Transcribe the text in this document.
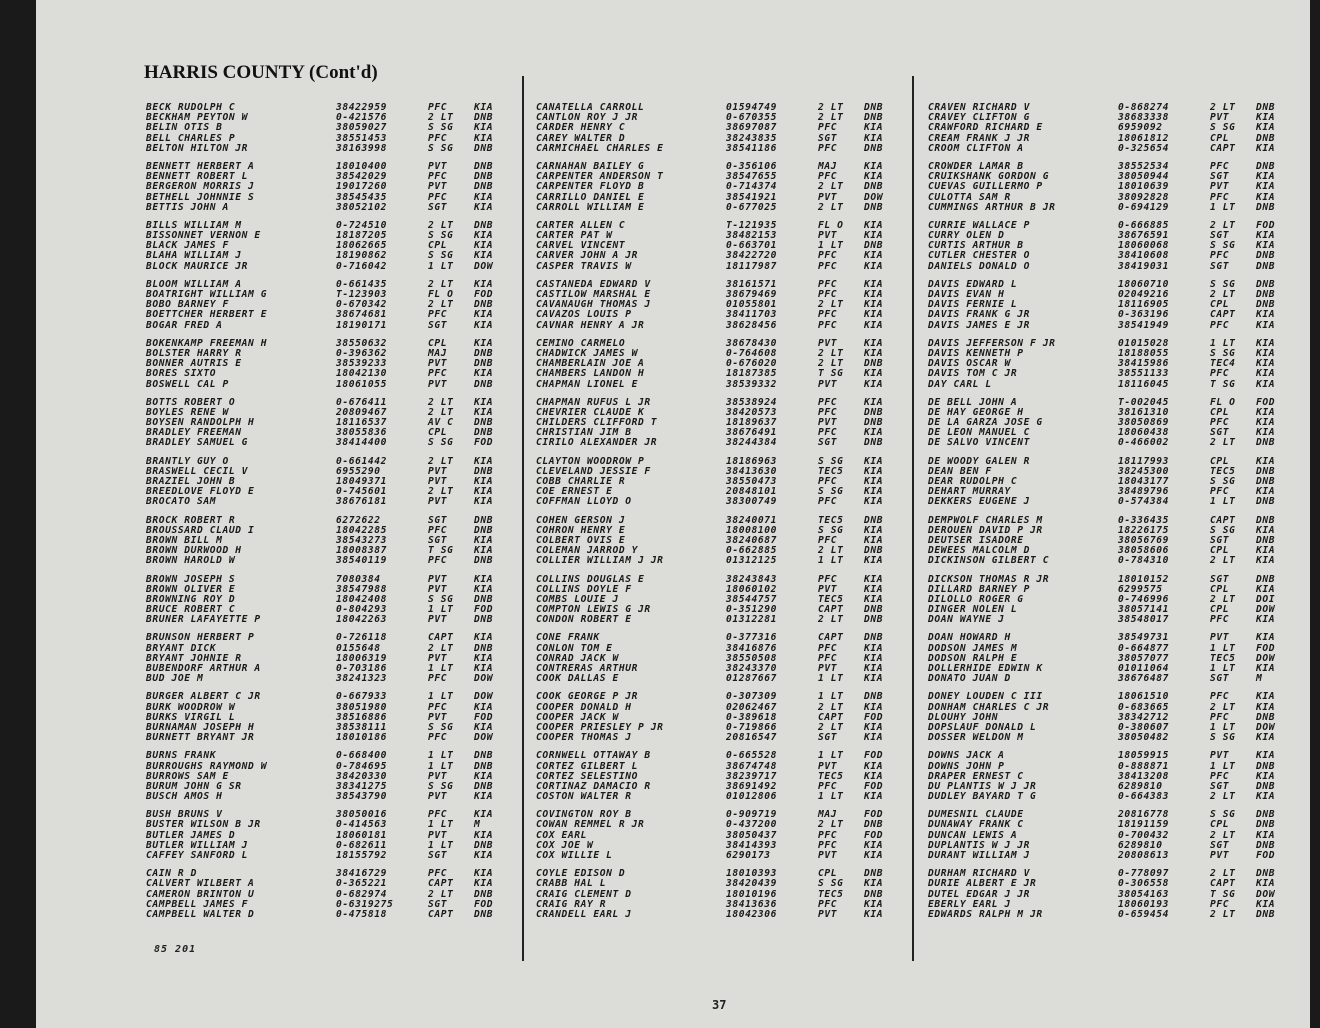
HARRIS COUNTY (Cont'd)
BECK RUDOLPH C	38422959	PFC	KIA
BECKHAM PEYTON W	0-421576	2 LT	DNB
BELIN OTIS B	38059027	S SG	KIA
BELL CHARLES P	38551453	PFC	KIA
BELTON HILTON JR	38163998	S SG	DNB
BENNETT HERBERT A	18010400	PVT	DNB
BENNETT ROBERT L	38542029	PFC	DNB
BERGERON MORRIS J	19017260	PVT	DNB
BETHELL JOHNNIE S	38545435	PFC	KIA
BETTIS JOHN A	38052102	SGT	KIA
BILLS WILLIAM M	0-724510	2 LT	DNB
BISSONNET VERNON E	18187205	S SG	KIA
BLACK JAMES F	18062665	CPL	KIA
BLAHA WILLIAM J	18190862	S SG	KIA
BLOCK MAURICE JR	0-716042	1 LT	DOW
BLOOM WILLIAM A	0-661435	2 LT	KIA
BOATRIGHT WILLIAM G	T-123903	FL O	FOD
BOBO BARNEY F	0-670342	2 LT	DNB
BOETTCHER HERBERT E	38674681	PFC	KIA
BOGAR FRED A	18190171	SGT	KIA
BOKENKAMP FREEMAN H	38550632	CPL	KIA
BOLSTER HARRY R	0-396362	MAJ	DNB
BONNER AUTRIS E	38539233	PVT	DNB
BORES SIXTO	18042130	PFC	KIA
BOSWELL CAL P	18061055	PVT	DNB
BOTTS ROBERT O	0-676411	2 LT	KIA
BOYLES RENE W	20809467	2 LT	KIA
BOYSEN RANDOLPH H	18116537	AV C	DNB
BRADLEY FREEMAN	38055836	CPL	DNB
BRADLEY SAMUEL G	38414400	S SG	FOD
BRANTLY GUY O	0-661442	2 LT	KIA
BRASWELL CECIL V	6955290	PVT	DNB
BRAZIEL JOHN B	18049371	PVT	KIA
BREEDLOVE FLOYD E	0-745601	2 LT	KIA
BROCATO SAM	38676181	PVT	KIA
BROCK ROBERT R	6272622	SGT	DNB
BROUSSARD CLAUD I	18042285	PFC	DNB
BROWN BILL M	38543273	SGT	KIA
BROWN DURWOOD H	18008387	T SG	KIA
BROWN HAROLD W	38540119	PFC	DNB
BROWN JOSEPH S	7080384	PVT	KIA
BROWN OLIVER E	38547988	PVT	KIA
BROWNING ROY D	18042408	S SG	DNB
BRUCE ROBERT C	0-804293	1 LT	FOD
BRUNER LAFAYETTE P	18042263	PVT	DNB
BRUNSON HERBERT P	0-726118	CAPT	KIA
BRYANT DICK	0155648	2 LT	DNB
BRYANT JOHNIE R	18006319	PVT	KIA
BUBENDORF ARTHUR A	0-703186	1 LT	KIA
BUD JOE M	38241323	PFC	DOW
BURGER ALBERT C JR	0-667933	1 LT	DOW
BURK WOODROW W	38051980	PFC	KIA
BURKS VIRGIL L	38516886	PVT	FOD
BURNAMAN JOSEPH H	38538111	S SG	KIA
BURNETT BRYANT JR	18010186	PFC	DOW
BURNS FRANK	0-668400	1 LT	DNB
BURROUGHS RAYMOND W	0-784695	1 LT	DNB
BURROWS SAM E	38420330	PVT	KIA
BURUM JOHN G SR	38341275	S SG	DNB
BUSCH AMOS H	38543790	PVT	KIA
BUSH BRUNS V	38050016	PFC	KIA
BUSTER WILSON B JR	0-414563	1 LT	M
BUTLER JAMES D	18060181	PVT	KIA
BUTLER WILLIAM J	0-682611	1 LT	DNB
CAFFEY SANFORD L	18155792	SGT	KIA
CAIN R D	38416729	PFC	KIA
CALVERT WILBERT A	0-365221	CAPT	KIA
CAMERON BRINTON U	0-682974	2 LT	DNB
CAMPBELL JAMES F	0-6319275	SGT	FOD
CAMPBELL WALTER D	0-475818	CAPT	DNB
CANATELLA CARROLL	01594749	2 LT	DNB
CANTLON ROY J JR	0-670355	2 LT	DNB
CARDER HENRY C	38697087	PFC	KIA
CAREY WALTER D	38243835	SGT	KIA
CARMICHAEL CHARLES E	38541186	PFC	DNB
CARNAHAN BAILEY G	0-356106	MAJ	KIA
CARPENTER ANDERSON T	38547655	PFC	KIA
CARPENTER FLOYD B	0-714374	2 LT	DNB
CARRILLO DANIEL E	38541921	PVT	DOW
CARROLL WILLIAM E	0-677025	2 LT	DNB
CARTER ALLEN C	T-121935	FL O	KIA
CARTER PAT W	38482153	PVT	KIA
CARVEL VINCENT	0-663701	1 LT	DNB
CARVER JOHN A JR	38422720	PFC	KIA
CASPER TRAVIS W	18117987	PFC	KIA
CASTANEDA EDWARD V	38161571	PFC	KIA
CASTILOW MARSHAL E	38679469	PFC	KIA
CAVANAUGH THOMAS J	01055801	2 LT	KIA
CAVAZOS LOUIS P	38411703	PFC	KIA
CAVNAR HENRY A JR	38628456	PFC	KIA
CEMINO CARMELO	38678430	PVT	KIA
CHADWICK JAMES W	0-764608	2 LT	KIA
CHAMBERLAIN JOE A	0-676020	2 LT	DNB
CHAMBERS LANDON H	18187385	T SG	KIA
CHAPMAN LIONEL E	38539332	PVT	KIA
CHAPMAN RUFUS L JR	38538924	PFC	KIA
CHEVRIER CLAUDE K	38420573	PFC	DNB
CHILDERS CLIFFORD T	18189637	PVT	DNB
CHRISTIAN JIM B	38676491	PFC	KIA
CIRILO ALEXANDER JR	38244384	SGT	DNB
CLAYTON WOODROW P	18186963	S SG	KIA
CLEVELAND JESSIE F	38413630	TEC5	KIA
COBB CHARLIE R	38550473	PFC	KIA
COE ERNEST E	20848101	S SG	KIA
COFFMAN LLOYD O	38300749	PFC	KIA
COHEN GERSON J	38240071	TEC5	DNB
COHRON HENRY E	18008100	S SG	KIA
COLBERT OVIS E	38240687	PFC	KIA
COLEMAN JARROD Y	0-662885	2 LT	DNB
COLLIER WILLIAM J JR	01312125	1 LT	KIA
COLLINS DOUGLAS E	38243843	PFC	KIA
COLLINS DOYLE F	18060102	PVT	KIA
COMBS LOUIE J	38544757	TEC5	KIA
COMPTON LEWIS G JR	0-351290	CAPT	DNB
CONDON ROBERT E	01312281	2 LT	DNB
CONE FRANK	0-377316	CAPT	DNB
CONLON TOM E	38416876	PFC	KIA
CONRAD JACK W	38550508	PFC	KIA
CONTRERAS ARTHUR	38243370	PVT	KIA
COOK DALLAS E	01287667	1 LT	KIA
COOK GEORGE P JR	0-307309	1 LT	DNB
COOPER DONALD H	02062467	2 LT	KIA
COOPER JACK W	0-389618	CAPT	FOD
COOPER PRIESLEY P JR	0-719866	2 LT	KIA
COOPER THOMAS J	20816547	SGT	KIA
CORNWELL OTTAWAY B	0-665528	1 LT	FOD
CORTEZ GILBERT L	38674748	PVT	KIA
CORTEZ SELESTINO	38239717	TEC5	KIA
CORTINAZ DAMACIO R	38691492	PFC	FOD
COSTON WALTER R	01012806	1 LT	KIA
COVINGTON ROY B	0-909719	MAJ	FOD
COWAN REMMEL R JR	0-437200	2 LT	DNB
COX EARL	38050437	PFC	FOD
COX JOE W	38414393	PFC	KIA
COX WILLIE L	6290173	PVT	KIA
COYLE EDISON D	18010393	CPL	DNB
CRABB HAL L	38420439	S SG	KIA
CRAIG CLEMENT D	18010196	TEC5	DNB
CRAIG RAY R	38413636	PFC	KIA
CRANDELL EARL J	18042306	PVT	KIA
CRAVEN RICHARD V	0-868274	2 LT	DNB
CRAVEY CLIFTON G	38683338	PVT	KIA
CRAWFORD RICHARD E	6959092	S SG	KIA
CREAM FRANK J JR	18061812	CPL	DNB
CROOM CLIFTON A	0-325654	CAPT	KIA
CROWDER LAMAR B	38552534	PFC	DNB
CRUIKSHANK GORDON G	38050944	SGT	KIA
CUEVAS GUILLERMO P	18010639	PVT	KIA
CULOTTA SAM R	38092828	PFC	KIA
CUMMINGS ARTHUR B JR	0-694129	1 LT	DNB
CURRIE WALLACE P	0-666885	2 LT	FOD
CURRY OLEN D	38676591	SGT	KIA
CURTIS ARTHUR B	18060068	S SG	KIA
CUTLER CHESTER O	38410608	PFC	DNB
DANIELS DONALD O	38419031	SGT	DNB
DAVIS EDWARD L	18060710	S SG	DNB
DAVIS EVAN H	02049216	2 LT	DNB
DAVIS FERNIE L	18116905	CPL	DNB
DAVIS FRANK G JR	0-363196	CAPT	KIA
DAVIS JAMES E JR	38541949	PFC	KIA
DAVIS JEFFERSON F JR	01015028	1 LT	KIA
DAVIS KENNETH P	18188055	S SG	KIA
DAVIS OSCAR W	38415986	TEC4	KIA
DAVIS TOM C JR	38551133	PFC	KIA
DAY CARL L	18116045	T SG	KIA
DE BELL JOHN A	T-002045	FL O	FOD
DE HAY GEORGE H	38161310	CPL	KIA
DE LA GARZA JOSE G	38050869	PFC	KIA
DE LEON MANUEL C	18060438	SGT	KIA
DE SALVO VINCENT	0-466002	2 LT	DNB
DE WOODY GALEN R	18117993	CPL	KIA
DEAN BEN F	38245300	TEC5	DNB
DEAR RUDOLPH C	18043177	S SG	DNB
DEHART MURRAY	38489796	PFC	KIA
DEKKERS EUGENE J	0-574384	1 LT	DNB
DEMPWOLF CHARLES M	0-336435	CAPT	DNB
DEROUEN DAVID P JR	18226175	S SG	KIA
DEUTSER ISADORE	38056769	SGT	DNB
DEWEES MALCOLM D	38058606	CPL	KIA
DICKINSON GILBERT C	0-784310	2 LT	KIA
DICKSON THOMAS R JR	18010152	SGT	DNB
DILLARD BARNEY P	6299575	CPL	KIA
DILOLLO ROGER G	0-746996	2 LT	DOI
DINGER NOLEN L	38057141	CPL	DOW
DOAN WAYNE J	38548017	PFC	KIA
DOAN HOWARD H	38549731	PVT	KIA
DODSON JAMES M	0-664877	1 LT	FOD
DODSON RALPH E	38057077	TEC5	DOW
DOLLERHIDE EDWIN K	01011064	1 LT	KIA
DONATO JUAN D	38676487	SGT	M
DONEY LOUDEN C III	18061510	PFC	KIA
DONHAM CHARLES C JR	0-683665	2 LT	KIA
DLOUHY JOHN	38342712	PFC	DNB
DOPSLAUF DONALD L	0-380607	1 LT	DOW
DOSSER WELDON M	38050482	S SG	KIA
DOWNS JACK A	18059915	PVT	KIA
DOWNS JOHN P	0-888871	1 LT	DNB
DRAPER ERNEST C	38413208	PFC	KIA
DU PLANTIS W J JR	6289810	SGT	DNB
DUDLEY BAYARD T G	0-664383	2 LT	KIA
DUMESNIL CLAUDE	20816778	S SG	DNB
DUNAWAY FRANK C	18191159	CPL	DNB
DUNCAN LEWIS A	0-700432	2 LT	KIA
DUPLANTIS W J JR	6289810	SGT	DNB
DURANT WILLIAM J	20808613	PVT	FOD
DURHAM RICHARD V	0-778097	2 LT	DNB
DURIE ALBERT E JR	0-306558	CAPT	KIA
DUTEL EDGAR J JR	38054163	T SG	DOW
EBERLY EARL J	18060193	PFC	KIA
EDWARDS RALPH M JR	0-659454	2 LT	DNB
85 201
37
